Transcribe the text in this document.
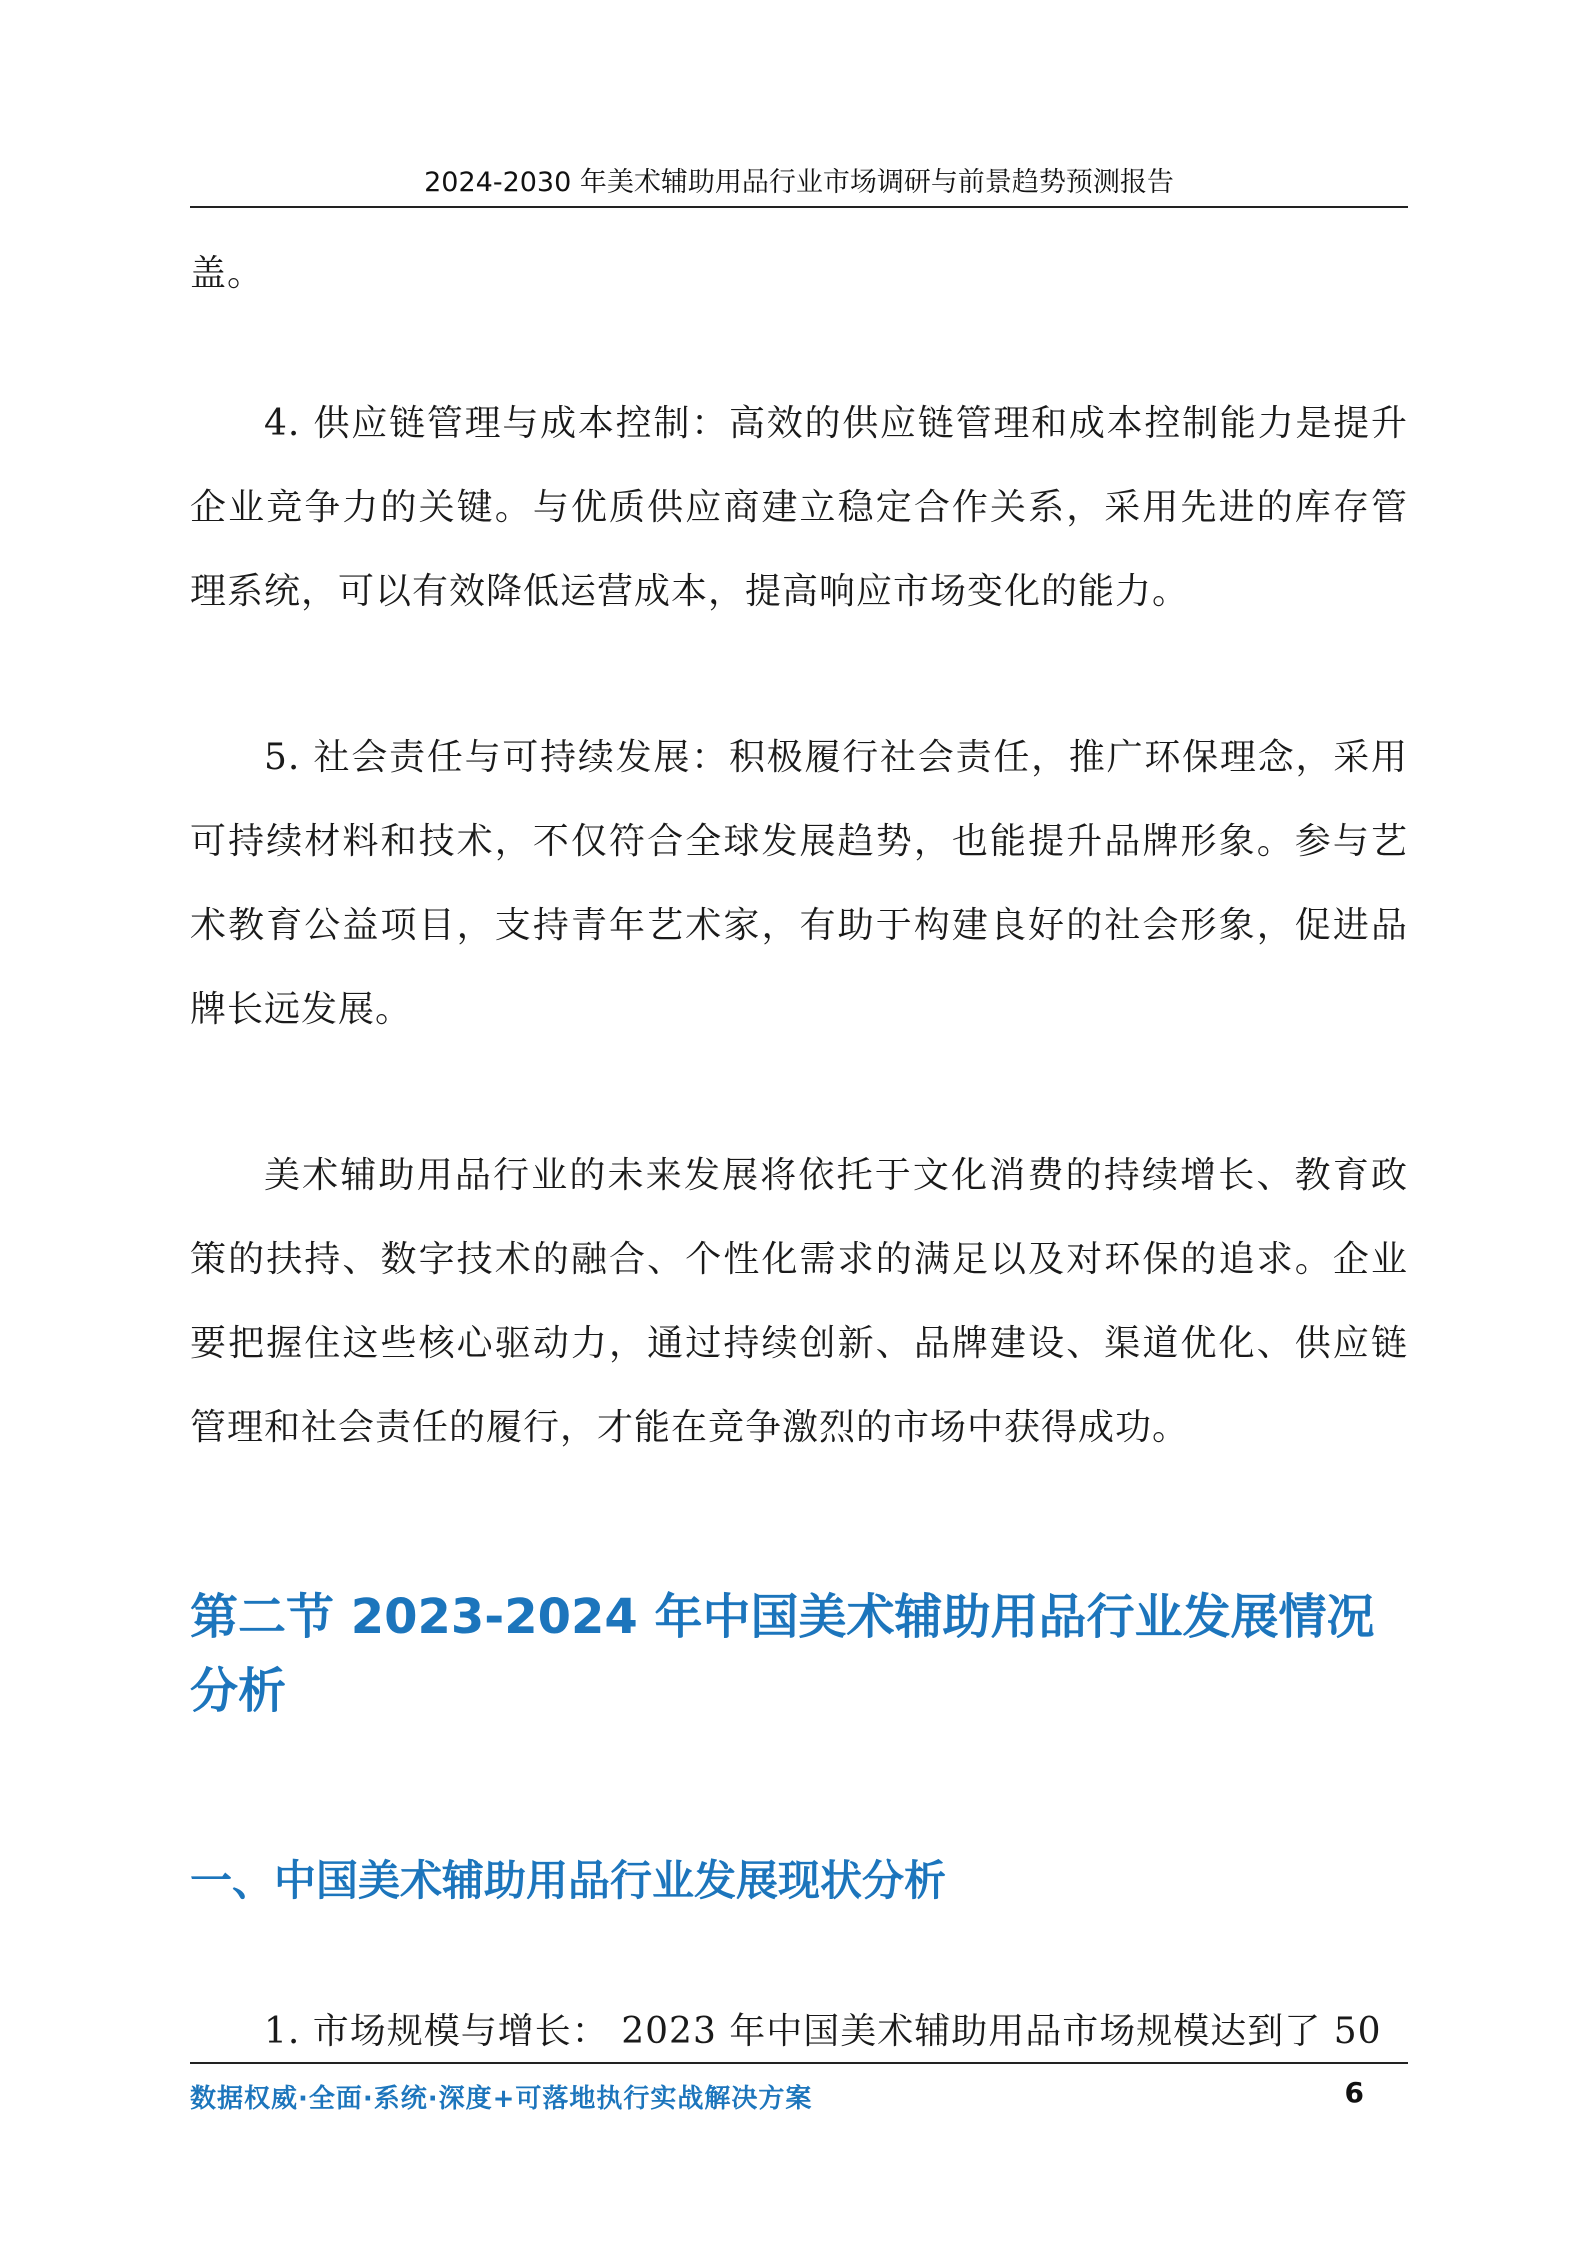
2024-2030 年美术辅助用品行业市场调研与前景趋势预测报告

盖。

4. 供应链管理与成本控制：高效的供应链管理和成本控制能力是提升企业竞争力的关键。与优质供应商建立稳定合作关系，采用先进的库存管理系统，可以有效降低运营成本，提高响应市场变化的能力。

5. 社会责任与可持续发展：积极履行社会责任，推广环保理念，采用可持续材料和技术，不仅符合全球发展趋势，也能提升品牌形象。参与艺术教育公益项目，支持青年艺术家，有助于构建良好的社会形象，促进品牌长远发展。

美术辅助用品行业的未来发展将依托于文化消费的持续增长、教育政策的扶持、数字技术的融合、个性化需求的满足以及对环保的追求。企业要把握住这些核心驱动力，通过持续创新、品牌建设、渠道优化、供应链管理和社会责任的履行，才能在竞争激烈的市场中获得成功。

第二节 2023-2024 年中国美术辅助用品行业发展情况分析
一、中国美术辅助用品行业发展现状分析

1. 市场规模与增长： 2023 年中国美术辅助用品市场规模达到了 50

数据权威·全面·系统·深度+可落地执行实战解决方案	6
